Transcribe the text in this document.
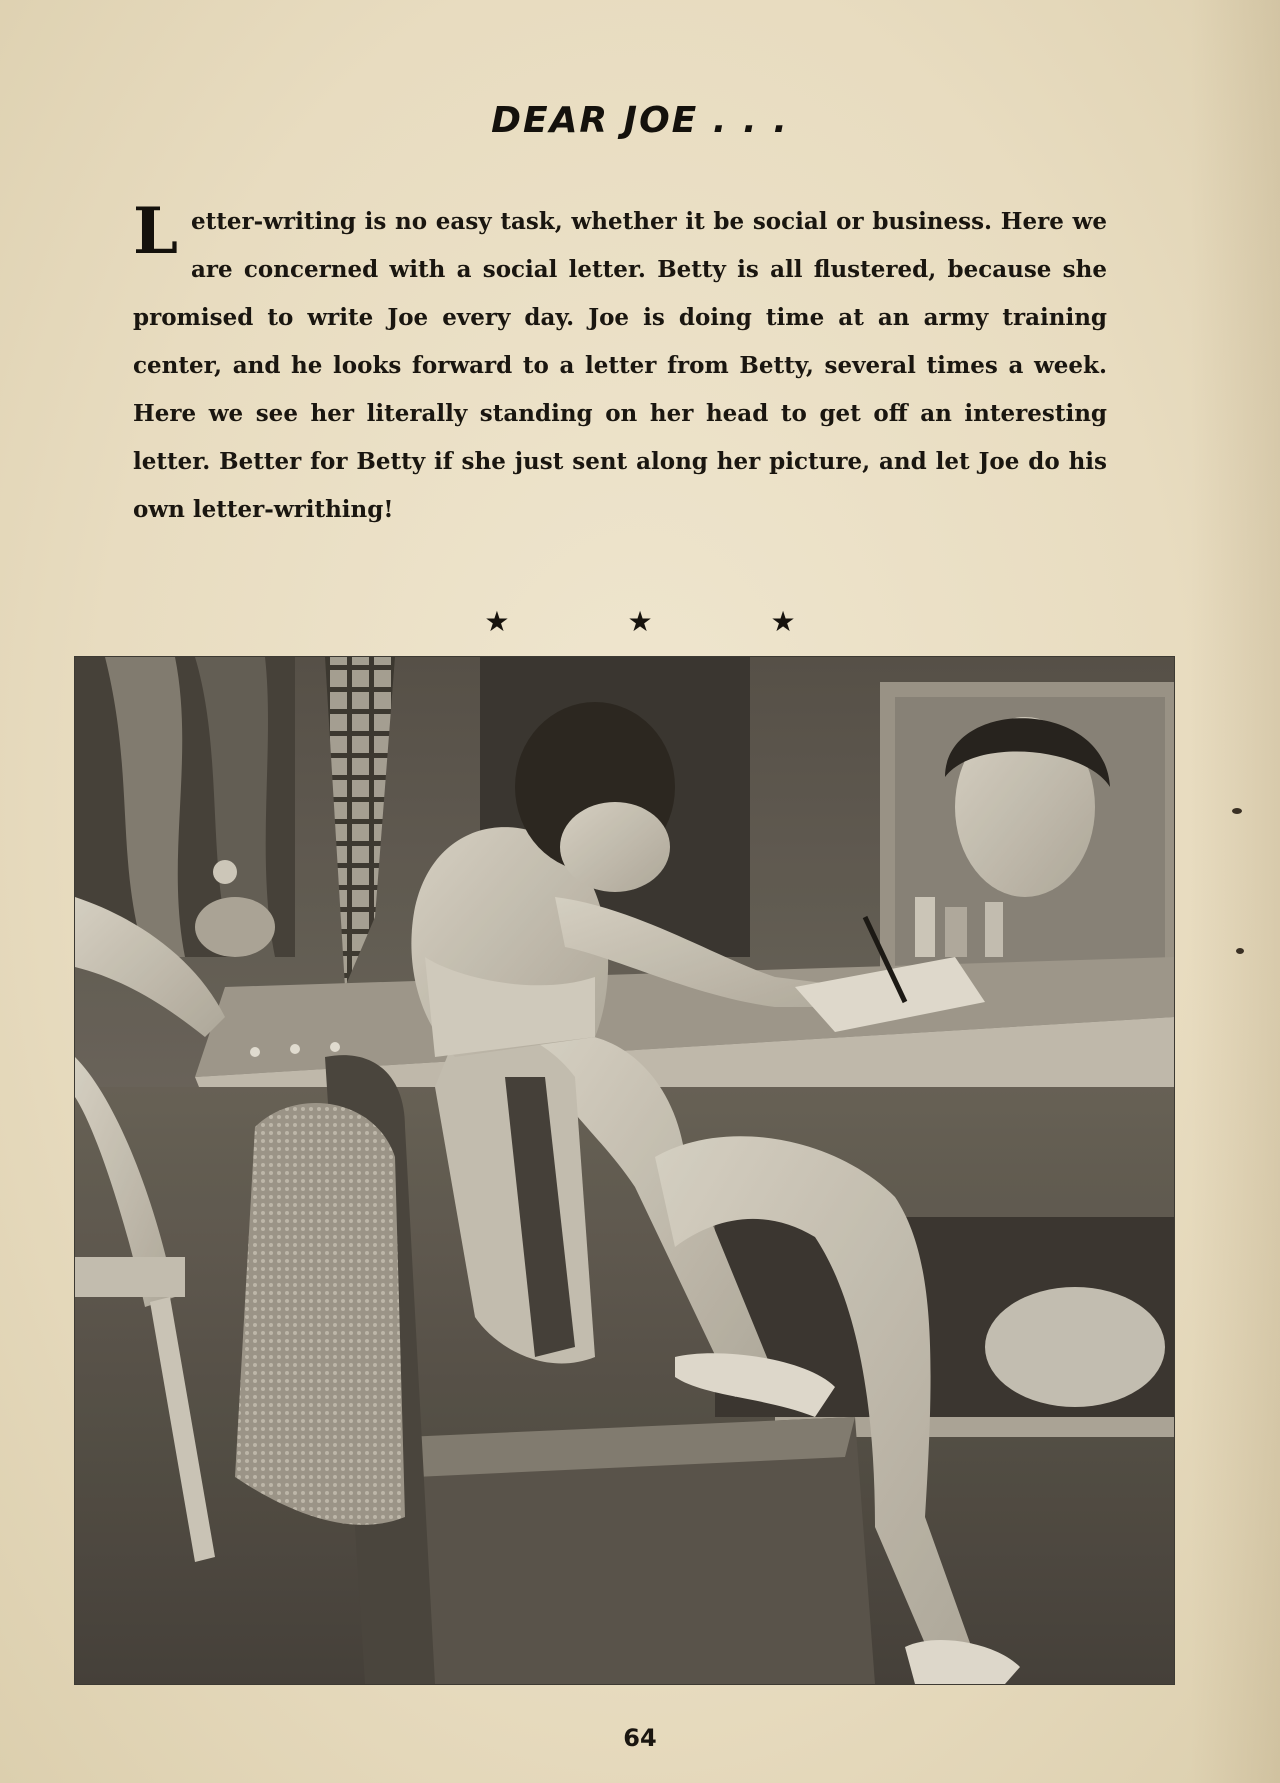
DEAR JOE . . .
L etter-writing is no easy task, whether it be social or business. Here we are concerned with a social letter. Betty is all flustered, because she promised to write Joe every day. Joe is doing time at an army training center, and he looks forward to a letter from Betty, several times a week. Here we see her literally standing on her head to get off an interesting letter. Better for Betty if she just sent along her picture, and let Joe do his own letter-writhing!
★	★	★
64
